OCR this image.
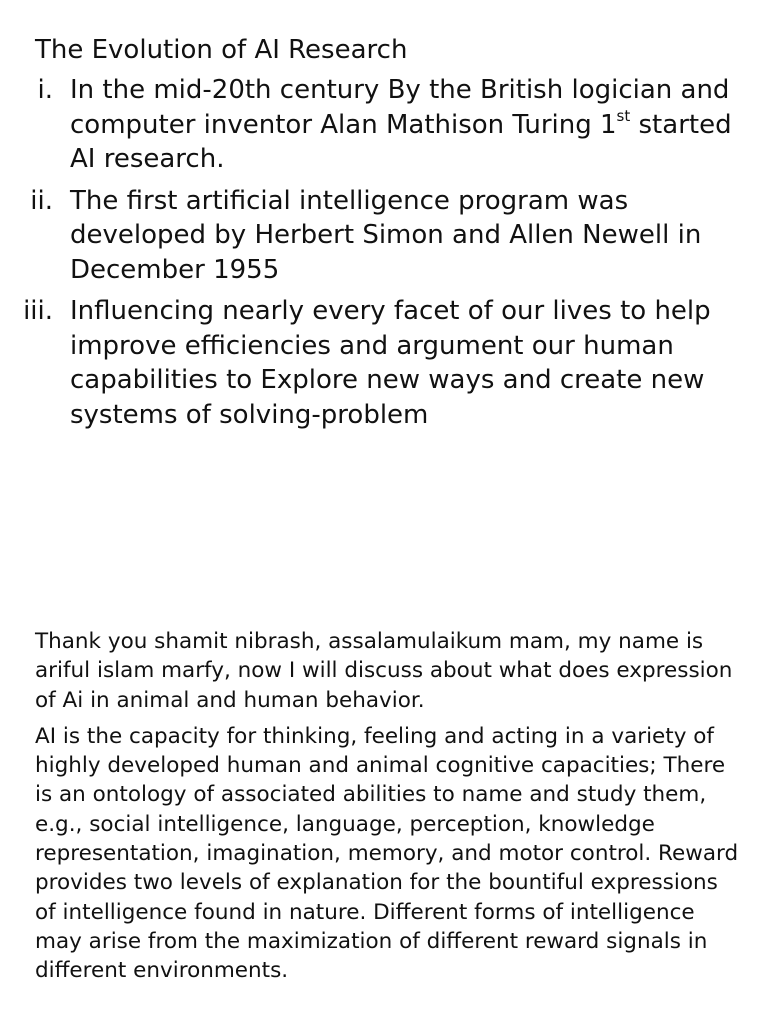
The Evolution of AI Research
i. In the mid-20th century By the British logician and computer inventor Alan Mathison Turing 1st started AI research.
ii. The first artificial intelligence program was developed by Herbert Simon and Allen Newell in December 1955
iii. Influencing nearly every facet of our lives to help improve efficiencies and argument our human capabilities to Explore new ways and create new systems of solving-problem

Thank you shamit nibrash, assalamulaikum mam, my name is ariful islam marfy, now I will discuss about what does expression of Ai in animal and human behavior.

AI is the capacity for thinking, feeling and acting in a variety of highly developed human and animal cognitive capacities; There is an ontology of associated abilities to name and study them, e.g., social intelligence, language, perception, knowledge representation, imagination, memory, and motor control. Reward provides two levels of explanation for the bountiful expressions of intelligence found in nature. Different forms of intelligence may arise from the maximization of different reward signals in different environments.
